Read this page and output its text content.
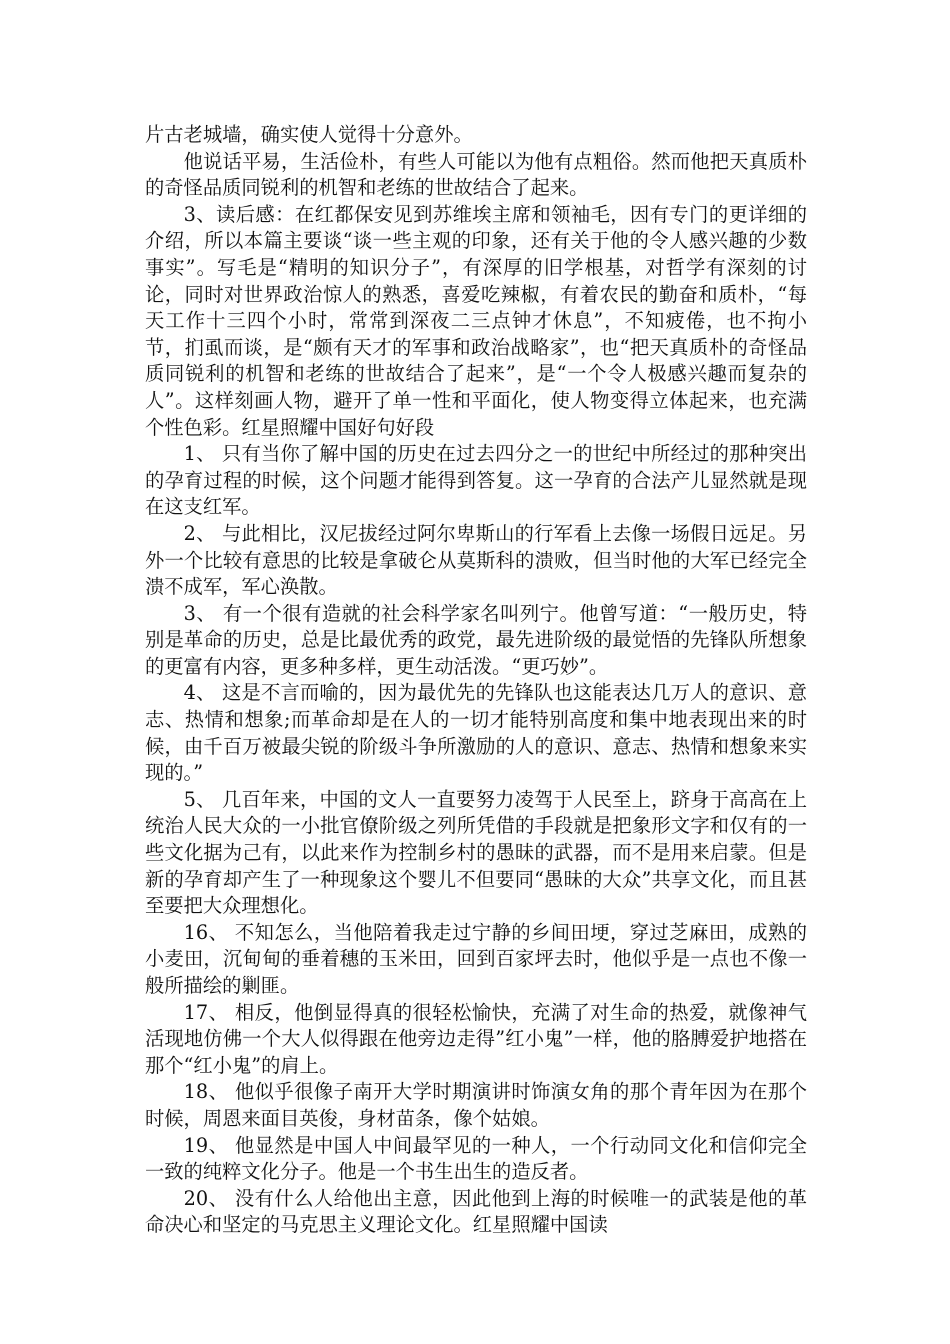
片古老城墙，确实使人觉得十分意外。

他说话平易，生活俭朴，有些人可能以为他有点粗俗。然而他把天真质朴的奇怪品质同锐利的机智和老练的世故结合了起来。

3、读后感：在红都保安见到苏维埃主席和领袖毛，因有专门的更详细的介绍，所以本篇主要谈“谈一些主观的印象，还有关于他的令人感兴趣的少数事实”。写毛是“精明的知识分子”，有深厚的旧学根基，对哲学有深刻的讨论，同时对世界政治惊人的熟悉，喜爱吃辣椒，有着农民的勤奋和质朴，“每天工作十三四个小时，常常到深夜二三点钟才休息”，不知疲倦，也不拘小节，扪虱而谈，是“颇有天才的军事和政治战略家”，也“把天真质朴的奇怪品质同锐利的机智和老练的世故结合了起来”，是“一个令人极感兴趣而复杂的人”。这样刻画人物，避开了单一性和平面化，使人物变得立体起来，也充满个性色彩。红星照耀中国好句好段

1、 只有当你了解中国的历史在过去四分之一的世纪中所经过的那种突出的孕育过程的时候，这个问题才能得到答复。这一孕育的合法产儿显然就是现在这支红军。

2、 与此相比，汉尼拔经过阿尔卑斯山的行军看上去像一场假日远足。另外一个比较有意思的比较是拿破仑从莫斯科的溃败，但当时他的大军已经完全溃不成军，军心涣散。

3、 有一个很有造就的社会科学家名叫列宁。他曾写道：“一般历史，特别是革命的历史，总是比最优秀的政党，最先进阶级的最觉悟的先锋队所想象的更富有内容，更多种多样，更生动活泼。“更巧妙”。

4、 这是不言而喻的，因为最优先的先锋队也这能表达几万人的意识、意志、热情和想象;而革命却是在人的一切才能特别高度和集中地表现出来的时候，由千百万被最尖锐的阶级斗争所激励的人的意识、意志、热情和想象来实现的。”

5、 几百年来，中国的文人一直要努力凌驾于人民至上，跻身于高高在上统治人民大众的一小批官僚阶级之列所凭借的手段就是把象形文字和仅有的一些文化据为己有，以此来作为控制乡村的愚昧的武器，而不是用来启蒙。但是新的孕育却产生了一种现象这个婴儿不但要同“愚昧的大众”共享文化，而且甚至要把大众理想化。

16、 不知怎么，当他陪着我走过宁静的乡间田埂，穿过芝麻田，成熟的小麦田，沉甸甸的垂着穗的玉米田，回到百家坪去时，他似乎是一点也不像一般所描绘的剿匪。

17、 相反，他倒显得真的很轻松愉快，充满了对生命的热爱，就像神气活现地仿佛一个大人似得跟在他旁边走得”红小鬼”一样，他的胳膊爱护地搭在那个“红小鬼”的肩上。

18、 他似乎很像子南开大学时期演讲时饰演女角的那个青年因为在那个时候，周恩来面目英俊，身材苗条，像个姑娘。

19、 他显然是中国人中间最罕见的一种人，一个行动同文化和信仰完全一致的纯粹文化分子。他是一个书生出生的造反者。

20、 没有什么人给他出主意，因此他到上海的时候唯一的武装是他的革命决心和坚定的马克思主义理论文化。红星照耀中国读
